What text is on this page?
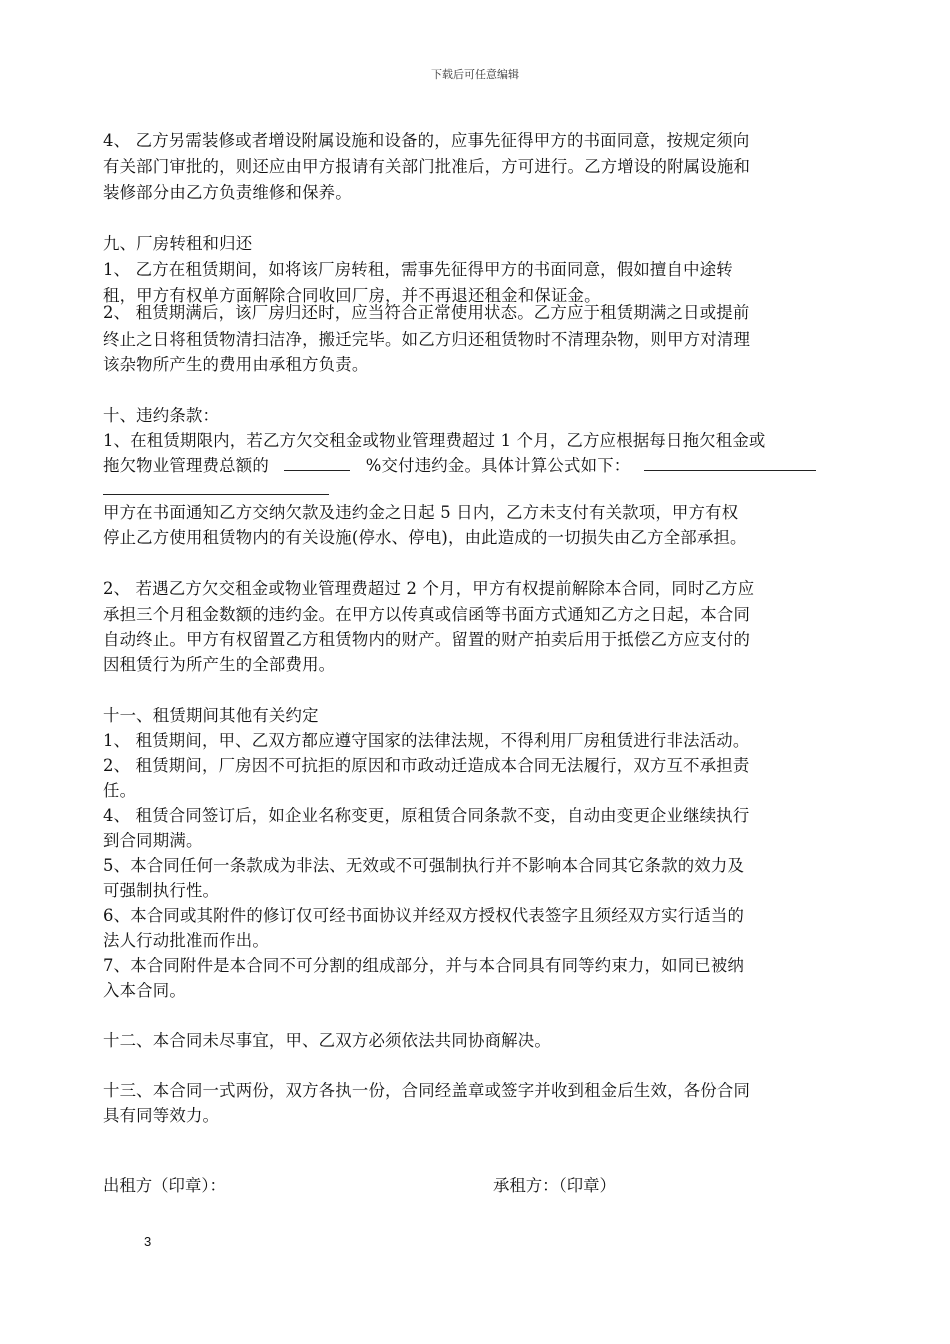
下载后可任意编辑
4、 乙方另需装修或者增设附属设施和设备的，应事先征得甲方的书面同意，按规定须向
有关部门审批的，则还应由甲方报请有关部门批准后，方可进行。乙方增设的附属设施和
装修部分由乙方负责维修和保养。
九、厂房转租和归还
1、 乙方在租赁期间，如将该厂房转租，需事先征得甲方的书面同意，假如擅自中途转
租，甲方有权单方面解除合同收回厂房，并不再退还租金和保证金。
2、 租赁期满后，该厂房归还时，应当符合正常使用状态。乙方应于租赁期满之日或提前
终止之日将租赁物清扫洁净，搬迁完毕。如乙方归还租赁物时不清理杂物，则甲方对清理
该杂物所产生的费用由承租方负责。
十、违约条款：
1、在租赁期限内，若乙方欠交租金或物业管理费超过 1 个月，乙方应根据每日拖欠租金或
甲方在书面通知乙方交纳欠款及违约金之日起 5 日内，乙方未支付有关款项，甲方有权
停止乙方使用租赁物内的有关设施(停水、停电)，由此造成的一切损失由乙方全部承担。
2、 若遇乙方欠交租金或物业管理费超过 2 个月，甲方有权提前解除本合同，同时乙方应
承担三个月租金数额的违约金。在甲方以传真或信函等书面方式通知乙方之日起，本合同
自动终止。甲方有权留置乙方租赁物内的财产。留置的财产拍卖后用于抵偿乙方应支付的
因租赁行为所产生的全部费用。
十一、租赁期间其他有关约定
1、 租赁期间，甲、乙双方都应遵守国家的法律法规，不得利用厂房租赁进行非法活动。
2、 租赁期间，厂房因不可抗拒的原因和市政动迁造成本合同无法履行，双方互不承担责
任。
4、 租赁合同签订后，如企业名称变更，原租赁合同条款不变，自动由变更企业继续执行
到合同期满。
5、本合同任何一条款成为非法、无效或不可强制执行并不影响本合同其它条款的效力及
可强制执行性。
6、本合同或其附件的修订仅可经书面协议并经双方授权代表签字且须经双方实行适当的
法人行动批准而作出。
7、本合同附件是本合同不可分割的组成部分，并与本合同具有同等约束力，如同已被纳
入本合同。
十二、本合同未尽事宜，甲、乙双方必须依法共同协商解决。
十三、本合同一式两份，双方各执一份，合同经盖章或签字并收到租金后生效，各份合同
具有同等效力。
拖欠物业管理费总额的	%交付违约金。具体计算公式如下：
出租方（印章）：	承租方：（印章）
3
